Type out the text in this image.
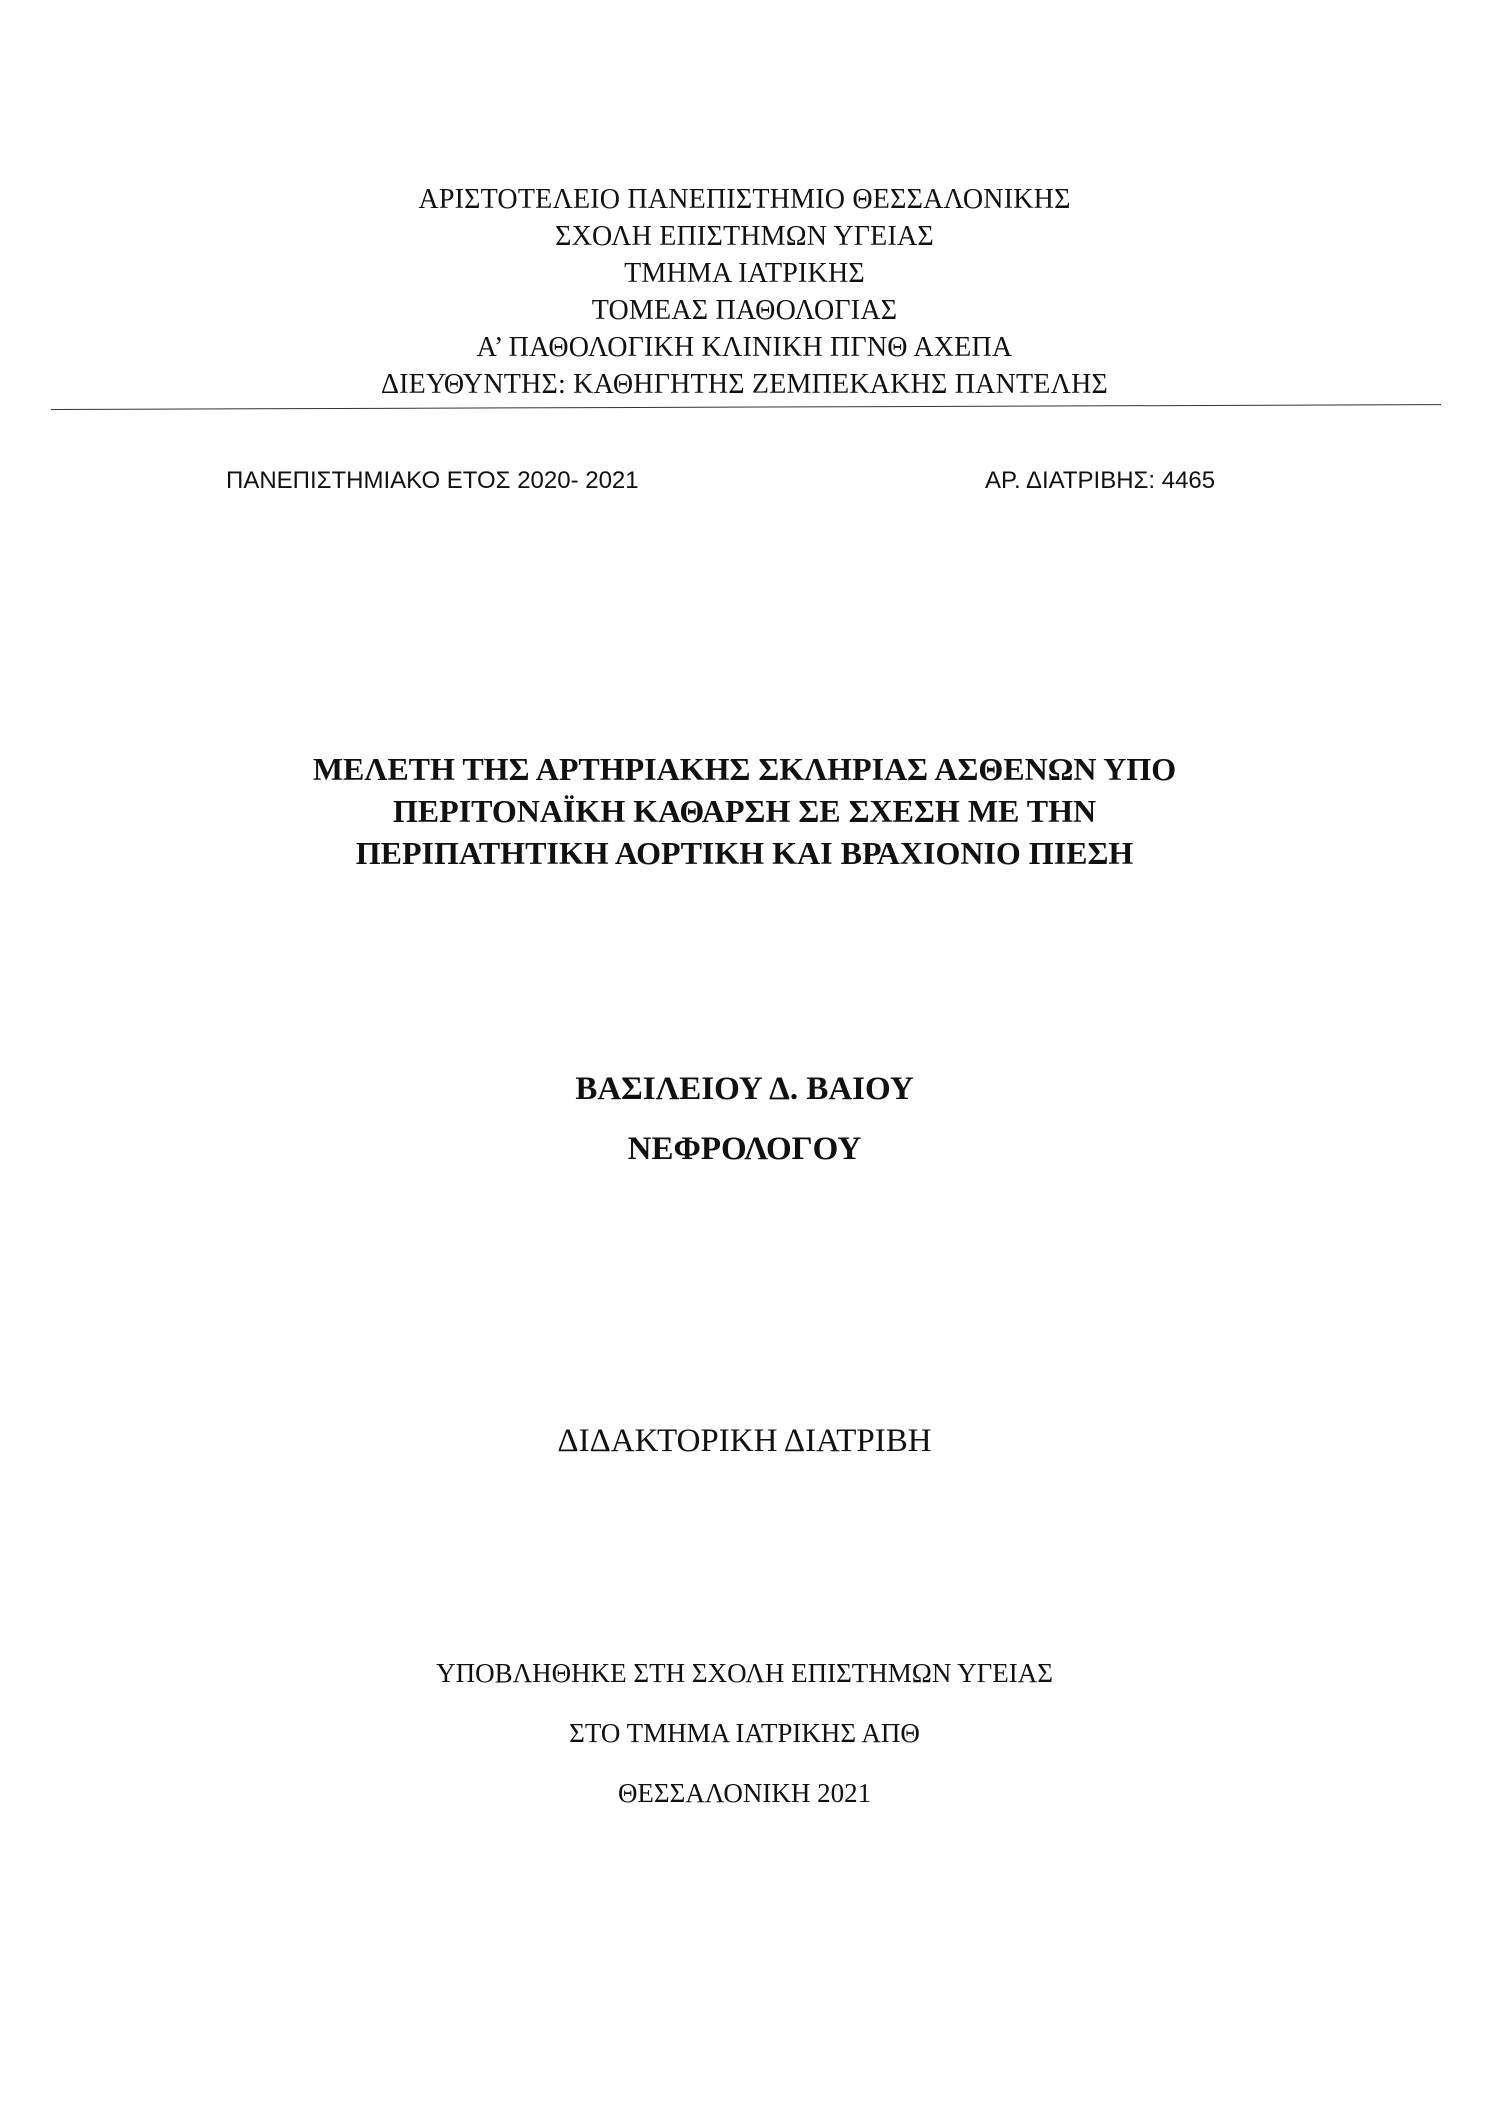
ΑΡΙΣΤΟΤΕΛΕΙΟ ΠΑΝΕΠΙΣΤΗΜΙΟ ΘΕΣΣΑΛΟΝΙΚΗΣ
ΣΧΟΛΗ ΕΠΙΣΤΗΜΩΝ ΥΓΕΙΑΣ
ΤΜΗΜΑ ΙΑΤΡΙΚΗΣ
ΤΟΜΕΑΣ ΠΑΘΟΛΟΓΙΑΣ
Α’ ΠΑΘΟΛΟΓΙΚΗ ΚΛΙΝΙΚΗ ΠΓΝΘ ΑΧΕΠΑ
ΔΙΕΥΘΥΝΤΗΣ: ΚΑΘΗΓΗΤΗΣ ΖΕΜΠΕΚΑΚΗΣ ΠΑΝΤΕΛΗΣ
ΠΑΝΕΠΙΣΤΗΜΙΑΚΟ ΕΤΟΣ 2020- 2021	ΑΡ. ΔΙΑΤΡΙΒΗΣ: 4465
ΜΕΛΕΤΗ ΤΗΣ ΑΡΤΗΡΙΑΚΗΣ ΣΚΛΗΡΙΑΣ ΑΣΘΕΝΩΝ ΥΠΟ
ΠΕΡΙΤΟΝΑΪΚΗ ΚΑΘΑΡΣΗ ΣΕ ΣΧΕΣΗ ΜΕ ΤΗΝ
ΠΕΡΙΠΑΤΗΤΙΚΗ ΑΟΡΤΙΚΗ ΚΑΙ ΒΡΑΧΙΟΝΙΟ ΠΙΕΣΗ
ΒΑΣΙΛΕΙΟΥ Δ. ΒΑΙΟΥ
ΝΕΦΡΟΛΟΓΟΥ
ΔΙΔΑΚΤΟΡΙΚΗ ΔΙΑΤΡΙΒΗ
ΥΠΟΒΛΗΘΗΚΕ ΣΤΗ ΣΧΟΛΗ ΕΠΙΣΤΗΜΩΝ ΥΓΕΙΑΣ
ΣΤΟ ΤΜΗΜΑ ΙΑΤΡΙΚΗΣ ΑΠΘ
ΘΕΣΣΑΛΟΝΙΚΗ 2021
